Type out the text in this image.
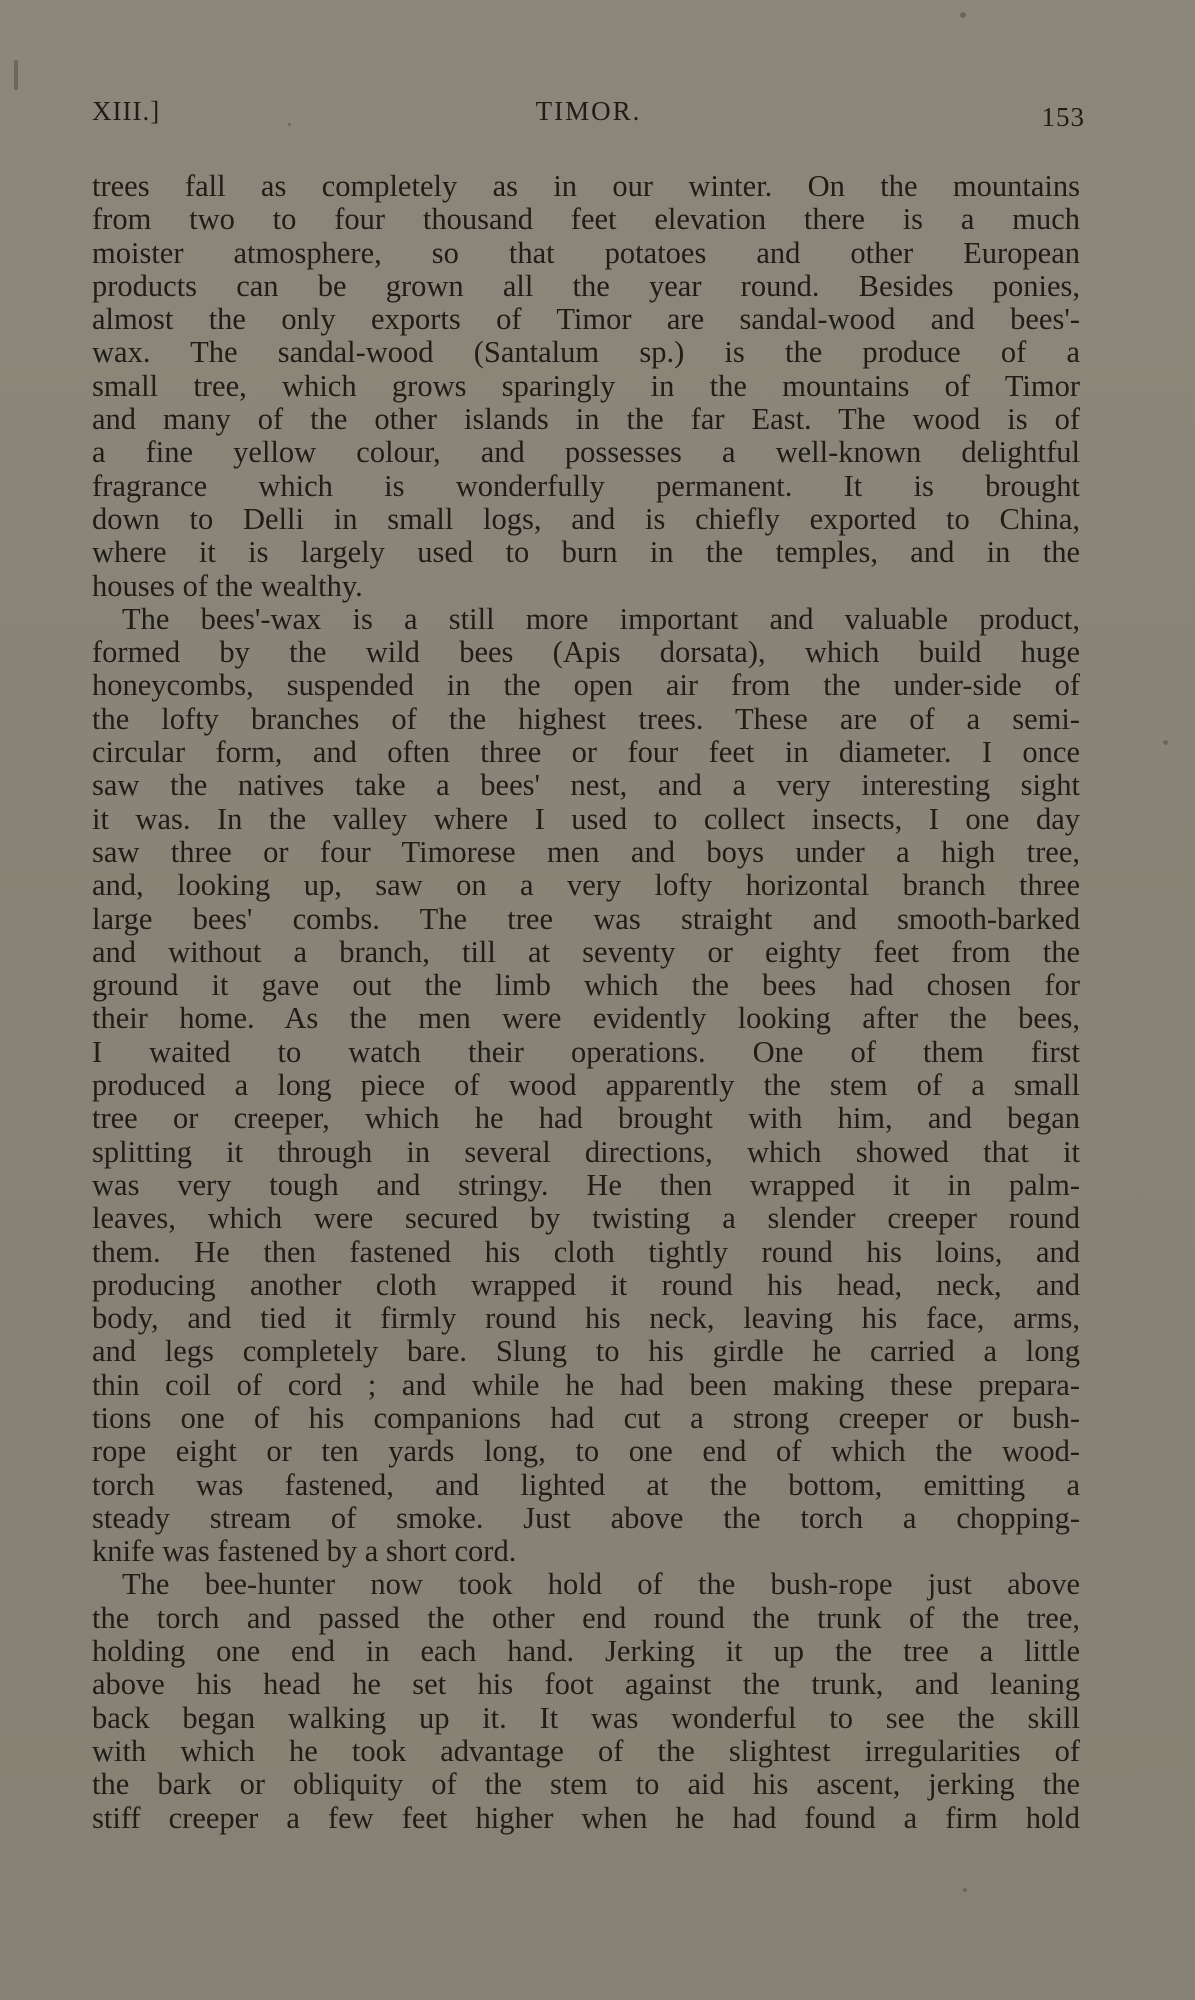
XIII.]	TIMOR.	153
trees fall as completely as in our winter. On the mountains
from two to four thousand feet elevation there is a much
moister atmosphere, so that potatoes and other European
products can be grown all the year round. Besides ponies,
almost the only exports of Timor are sandal-wood and bees'-
wax. The sandal-wood (Santalum sp.) is the produce of a
small tree, which grows sparingly in the mountains of Timor
and many of the other islands in the far East. The wood is of
a fine yellow colour, and possesses a well-known delightful
fragrance which is wonderfully permanent. It is brought
down to Delli in small logs, and is chiefly exported to China,
where it is largely used to burn in the temples, and in the
houses of the wealthy.
The bees'-wax is a still more important and valuable product,
formed by the wild bees (Apis dorsata), which build huge
honeycombs, suspended in the open air from the under-side of
the lofty branches of the highest trees. These are of a semi-
circular form, and often three or four feet in diameter. I once
saw the natives take a bees' nest, and a very interesting sight
it was. In the valley where I used to collect insects, I one day
saw three or four Timorese men and boys under a high tree,
and, looking up, saw on a very lofty horizontal branch three
large bees' combs. The tree was straight and smooth-barked
and without a branch, till at seventy or eighty feet from the
ground it gave out the limb which the bees had chosen for
their home. As the men were evidently looking after the bees,
I waited to watch their operations. One of them first
produced a long piece of wood apparently the stem of a small
tree or creeper, which he had brought with him, and began
splitting it through in several directions, which showed that it
was very tough and stringy. He then wrapped it in palm-
leaves, which were secured by twisting a slender creeper round
them. He then fastened his cloth tightly round his loins, and
producing another cloth wrapped it round his head, neck, and
body, and tied it firmly round his neck, leaving his face, arms,
and legs completely bare. Slung to his girdle he carried a long
thin coil of cord ; and while he had been making these prepara-
tions one of his companions had cut a strong creeper or bush-
rope eight or ten yards long, to one end of which the wood-
torch was fastened, and lighted at the bottom, emitting a
steady stream of smoke. Just above the torch a chopping-
knife was fastened by a short cord.
The bee-hunter now took hold of the bush-rope just above
the torch and passed the other end round the trunk of the tree,
holding one end in each hand. Jerking it up the tree a little
above his head he set his foot against the trunk, and leaning
back began walking up it. It was wonderful to see the skill
with which he took advantage of the slightest irregularities of
the bark or obliquity of the stem to aid his ascent, jerking the
stiff creeper a few feet higher when he had found a firm hold
